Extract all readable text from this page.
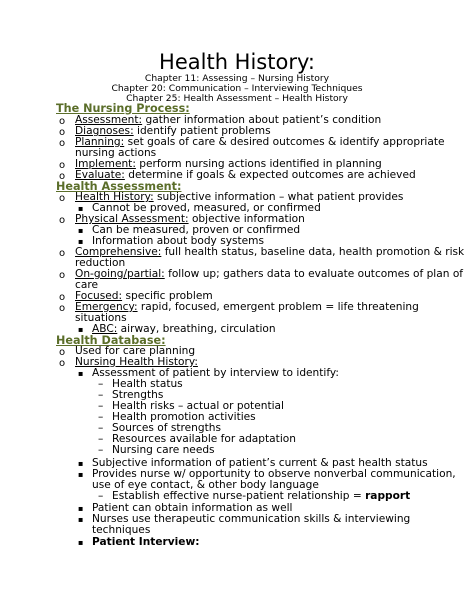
Health History:
Chapter 11: Assessing – Nursing History
Chapter 20: Communication – Interviewing Techniques
Chapter 25: Health Assessment – Health History
The Nursing Process:
o Assessment: gather information about patient’s condition
o Diagnoses: identify patient problems
o Planning: set goals of care & desired outcomes & identify appropriate
nursing actions
o Implement: perform nursing actions identified in planning
o Evaluate: determine if goals & expected outcomes are achieved
Health Assessment:
o Health History: subjective information – what patient provides
▪ Cannot be proved, measured, or confirmed
o Physical Assessment: objective information
▪ Can be measured, proven or confirmed
▪ Information about body systems
o Comprehensive: full health status, baseline data, health promotion & risk
reduction
o On-going/partial: follow up; gathers data to evaluate outcomes of plan of
care
o Focused: specific problem
o Emergency: rapid, focused, emergent problem = life threatening
situations
▪ ABC: airway, breathing, circulation
Health Database:
o Used for care planning
o Nursing Health History:
▪ Assessment of patient by interview to identify:
– Health status
– Strengths
– Health risks – actual or potential
– Health promotion activities
– Sources of strengths
– Resources available for adaptation
– Nursing care needs
▪ Subjective information of patient’s current & past health status
▪ Provides nurse w/ opportunity to observe nonverbal communication,
use of eye contact, & other body language
– Establish effective nurse-patient relationship = rapport
▪ Patient can obtain information as well
▪ Nurses use therapeutic communication skills & interviewing
techniques
▪ Patient Interview:
